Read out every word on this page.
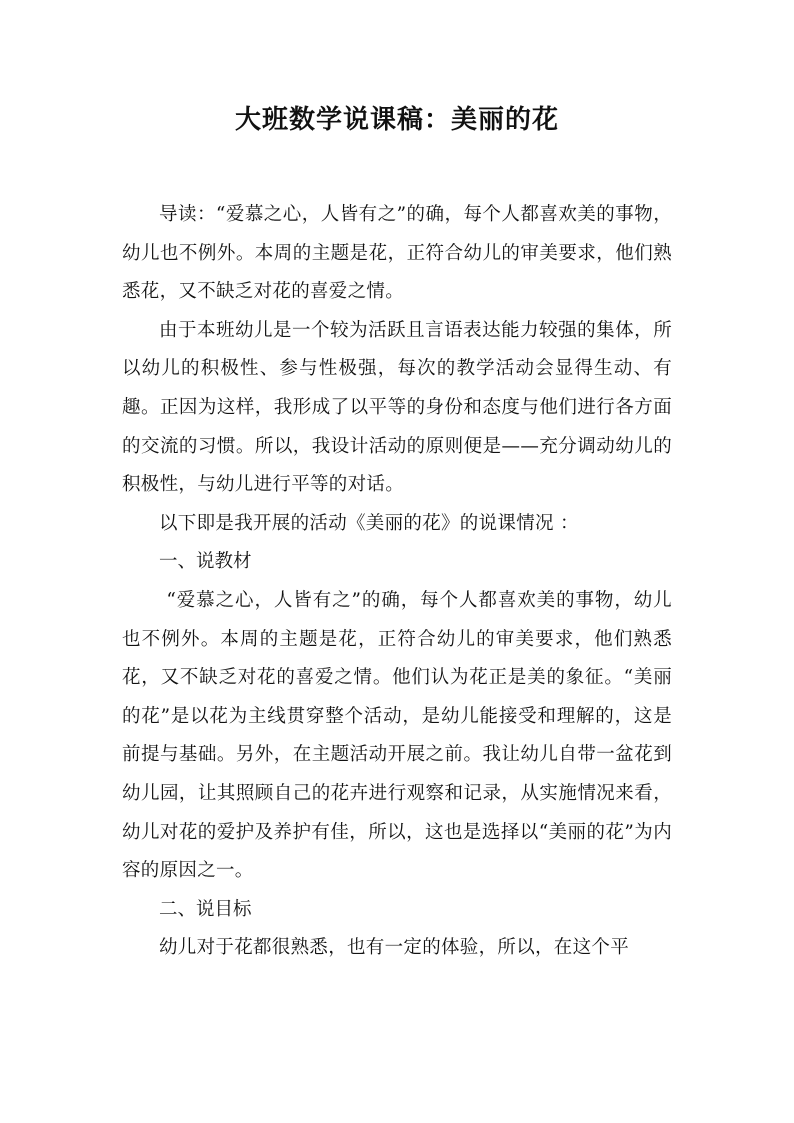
大班数学说课稿：美丽的花

导读：“爱慕之心，人皆有之”的确，每个人都喜欢美的事物，幼儿也不例外。本周的主题是花，正符合幼儿的审美要求，他们熟悉花，又不缺乏对花的喜爱之情。

由于本班幼儿是一个较为活跃且言语表达能力较强的集体，所以幼儿的积极性、参与性极强，每次的教学活动会显得生动、有趣。正因为这样，我形成了以平等的身份和态度与他们进行各方面的交流的习惯。所以，我设计活动的原则便是——充分调动幼儿的积极性，与幼儿进行平等的对话。

以下即是我开展的活动《美丽的花》的说课情况 ：

一、说教材

“爱慕之心，人皆有之”的确，每个人都喜欢美的事物，幼儿也不例外。本周的主题是花，正符合幼儿的审美要求，他们熟悉花，又不缺乏对花的喜爱之情。他们认为花正是美的象征。“美丽的花”是以花为主线贯穿整个活动，是幼儿能接受和理解的，这是前提与基础。另外，在主题活动开展之前。我让幼儿自带一盆花到幼儿园，让其照顾自己的花卉进行观察和记录，从实施情况来看，幼儿对花的爱护及养护有佳，所以，这也是选择以“美丽的花”为内容的原因之一。

二、说目标

幼儿对于花都很熟悉，也有一定的体验，所以，在这个平
